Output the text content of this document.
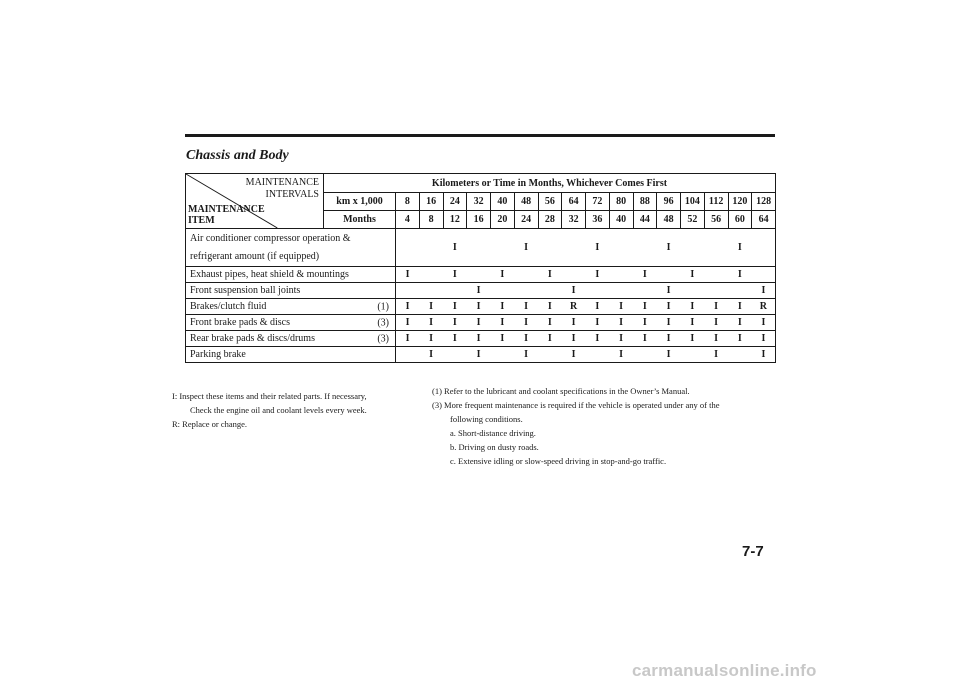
Chassis and Body
MAINTENANCE
INTERVALS
MAINTENANCE
ITEM	Kilometers or Time in Months, Whichever Comes First																
	km x 1,000	8	16	24	32	40	48	56	64	72	80	88	96	104	112	120	128
	Months	4	8	12	16	20	24	28	32	36	40	44	48	52	56	60	64

Air conditioner compressor operation &
refrigerant amount (if equipped)				I			I			I			I			I	

Exhaust pipes, heat shield & mountings		I		I		I		I		I		I		I		I	

Front suspension ball joints					I				I				I				I

Brakes/clutch fluid (1)		I	I	I	I	I	I	I	R	I	I	I	I	I	I	I	R

Front brake pads & discs (3)		I	I	I	I	I	I	I	I	I	I	I	I	I	I	I	I

Rear brake pads & discs/drums (3)		I	I	I	I	I	I	I	I	I	I	I	I	I	I	I	I

Parking brake			I		I		I		I		I		I		I		I
I: Inspect these items and their related parts. If necessary,
Check the engine oil and coolant levels every week.
R: Replace or change.
(1) Refer to the lubricant and coolant specifications in the Owner’s Manual.
(3) More frequent maintenance is required if the vehicle is operated under any of the
following conditions.
a. Short-distance driving.
b. Driving on dusty roads.
c. Extensive idling or slow-speed driving in stop-and-go traffic.
7-7
carmanualsonline.info
